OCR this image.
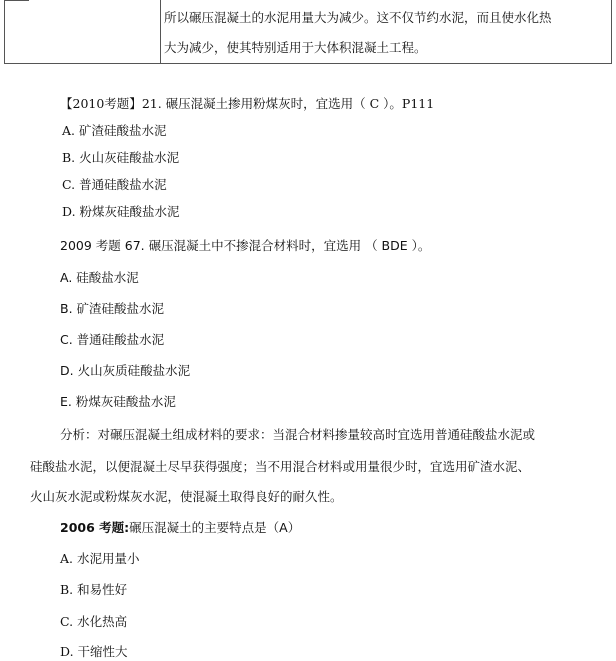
所以碾压混凝土的水泥用量大为减少。这不仅节约水泥，而且使水化热
大为减少，使其特别适用于大体积混凝土工程。
【2010考题】21. 碾压混凝土掺用粉煤灰时，宜选用（ C ）。P111
A. 矿渣硅酸盐水泥
B. 火山灰硅酸盐水泥
C. 普通硅酸盐水泥
D. 粉煤灰硅酸盐水泥
2009 考题 67. 碾压混凝土中不掺混合材料时，宜选用 （ BDE ）。
A. 硅酸盐水泥
B. 矿渣硅酸盐水泥
C. 普通硅酸盐水泥
D. 火山灰质硅酸盐水泥
E. 粉煤灰硅酸盐水泥
分析：对碾压混凝土组成材料的要求：当混合材料掺量较高时宜选用普通硅酸盐水泥或
硅酸盐水泥，以便混凝土尽早获得强度；当不用混合材料或用量很少时，宜选用矿渣水泥、
火山灰水泥或粉煤灰水泥，使混凝土取得良好的耐久性。
2006 考题:碾压混凝土的主要特点是（A）
A. 水泥用量小
B. 和易性好
C. 水化热高
D. 干缩性大
